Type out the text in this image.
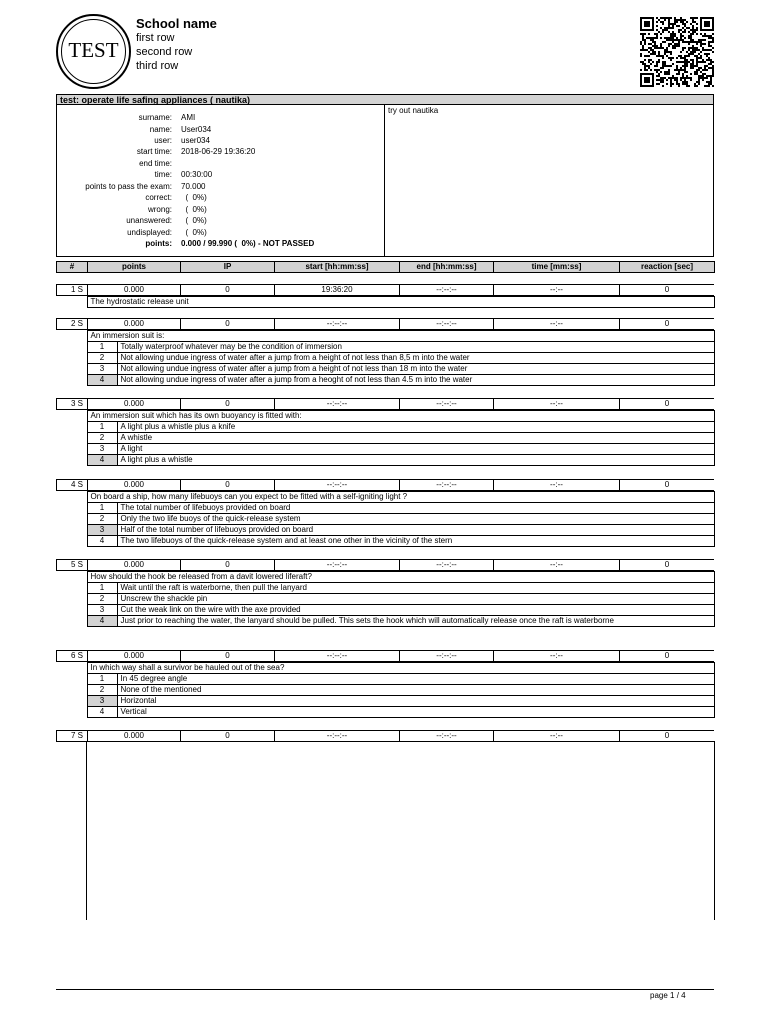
TEST
School name
first row
second row
third row
test: operate life safing appliances ( nautika)
try out nautika
surname: AMI
name: User034
user: user034
start time: 2018-06-29 19:36:20
end time:
time: 00:30:00
points to pass the exam: 70.000
correct: (  0%)
wrong: (  0%)
unanswered: (  0%)
undisplayed: (  0%)
points: 0.000 / 99.990 (  0%) - NOT PASSED
#	points	IP	start [hh:mm:ss]	end [hh:mm:ss]	time [mm:ss]	reaction [sec]
1 S	0.000	0	19:36:20	--:--:--	--:--	0

	The hydrostatic release unit
2 S	0.000	0	--:--:--	--:--:--	--:--	0

	An immersion suit is:
	1	Totally waterproof whatever may be the condition of immersion
	2	Not allowing undue ingress of water after a jump from a height of not less than 8,5 m into the water
	3	Not allowing undue ingress of water after a jump from a height of not less than 18 m into the water
	4	Not allowing undue ingress of water after a jump from a heoght of not less than 4.5 m into the water
3 S	0.000	0	--:--:--	--:--:--	--:--	0

	An immersion suit which has its own buoyancy is fitted with:
	1	A light plus a whistle plus a knife
	2	A whistle
	3	A light
	4	A light plus a whistle
4 S	0.000	0	--:--:--	--:--:--	--:--	0

	On board a ship, how many lifebuoys can you expect to be fitted with a self-igniting light ?
	1	The total number of lifebuoys provided on board
	2	Only the two life buoys of the quick-release system
	3	Half of the total number of lifebuoys provided on board
	4	The two lifebuoys of the quick-release system and at least one other in the vicinity of the stern
5 S	0.000	0	--:--:--	--:--:--	--:--	0

	How should the hook be released from a davit lowered liferaft?
	1	Wait until the raft is waterborne, then pull the lanyard
	2	Unscrew the shackle pin
	3	Cut the weak link on the wire with the axe provided
	4	Just prior to reaching the water, the lanyard should be pulled. This sets the hook which will automatically release once the raft is waterborne
6 S	0.000	0	--:--:--	--:--:--	--:--	0

	In which way shall a survivor be hauled out of the sea?
	1	In 45 degree angle
	2	None of the mentioned
	3	Horizontal
	4	Vertical
7 S	0.000	0	--:--:--	--:--:--	--:--	0
page 1 / 4
